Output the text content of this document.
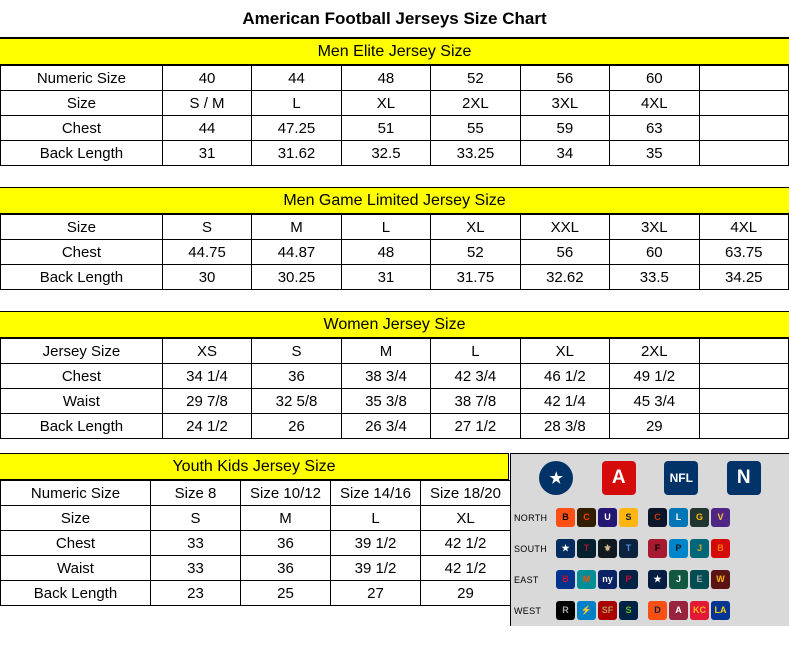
American Football Jerseys Size Chart
Men Elite Jersey Size
Numeric Size	40	44	48	52	56	60	
Size	S / M	L	XL	2XL	3XL	4XL	
Chest	44	47.25	51	55	59	63	
Back Length	31	31.62	32.5	33.25	34	35	
Men Game Limited Jersey Size
Size	S	M	L	XL	XXL	3XL	4XL
Chest	44.75	44.87	48	52	56	60	63.75
Back Length	30	30.25	31	31.75	32.62	33.5	34.25
Women Jersey Size
Jersey Size	XS	S	M	L	XL	2XL	
Chest	34 1/4	36	38 3/4	42 3/4	46 1/2	49 1/2	
Waist	29 7/8	32 5/8	35 3/8	38 7/8	42 1/4	45 3/4	
Back Length	24 1/2	26	26 3/4	27 1/2	28 3/8	29	
Youth Kids Jersey Size
Numeric Size	Size 8	Size 10/12	Size 14/16	Size 18/20
Size	S	M	L	XL
Chest	33	36	39 1/2	42 1/2
Waist	33	36	39 1/2	42 1/2
Back Length	23	25	27	29
★	A	NFL	N
NORTH	B	C	U	S	C	L	G	V
SOUTH	★	T	⚜	T	F	P	J	B
EAST	B	M	ny	P	★	J	E	W
WEST	R	⚡	SF	S	D	A	KC LA
